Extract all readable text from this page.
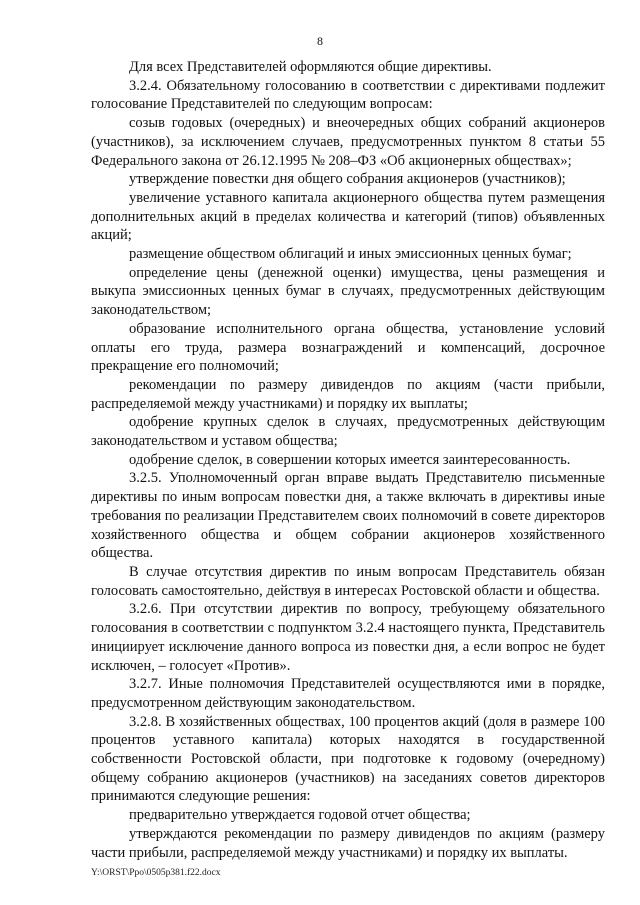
8

Для всех Представителей оформляются общие директивы.

3.2.4. Обязательному голосованию в соответствии с директивами подлежит голосование Представителей по следующим вопросам:

созыв годовых (очередных) и внеочередных общих собраний акционеров (участников), за исключением случаев, предусмотренных пунктом 8 статьи 55 Федерального закона от 26.12.1995 № 208–ФЗ «Об акционерных обществах»;

утверждение повестки дня общего собрания акционеров (участников);

увеличение уставного капитала акционерного общества путем размещения дополнительных акций в пределах количества и категорий (типов) объявленных акций;

размещение обществом облигаций и иных эмиссионных ценных бумаг;

определение цены (денежной оценки) имущества, цены размещения и выкупа эмиссионных ценных бумаг в случаях, предусмотренных действующим законодательством;

образование исполнительного органа общества, установление условий оплаты его труда, размера вознаграждений и компенсаций, досрочное прекращение его полномочий;

рекомендации по размеру дивидендов по акциям (части прибыли, распределяемой между участниками) и порядку их выплаты;

одобрение крупных сделок в случаях, предусмотренных действующим законодательством и уставом общества;

одобрение сделок, в совершении которых имеется заинтересованность.

3.2.5. Уполномоченный орган вправе выдать Представителю письменные директивы по иным вопросам повестки дня, а также включать в директивы иные требования по реализации Представителем своих полномочий в совете директоров хозяйственного общества и общем собрании акционеров хозяйственного общества.

В случае отсутствия директив по иным вопросам Представитель обязан голосовать самостоятельно, действуя в интересах Ростовской области и общества.

3.2.6. При отсутствии директив по вопросу, требующему обязательного голосования в соответствии с подпунктом 3.2.4 настоящего пункта, Представитель инициирует исключение данного вопроса из повестки дня, а если вопрос не будет исключен, – голосует «Против».

3.2.7. Иные полномочия Представителей осуществляются ими в порядке, предусмотренном действующим законодательством.

3.2.8. В хозяйственных обществах, 100 процентов акций (доля в размере 100 процентов уставного капитала) которых находятся в государственной собственности Ростовской области, при подготовке к годовому (очередному) общему собранию акционеров (участников) на заседаниях советов директоров принимаются следующие решения:

предварительно утверждается годовой отчет общества;

утверждаются рекомендации по размеру дивидендов по акциям (размеру части прибыли, распределяемой между участниками) и порядку их выплаты.

Y:\ORST\Ppo\0505p381.f22.docx
